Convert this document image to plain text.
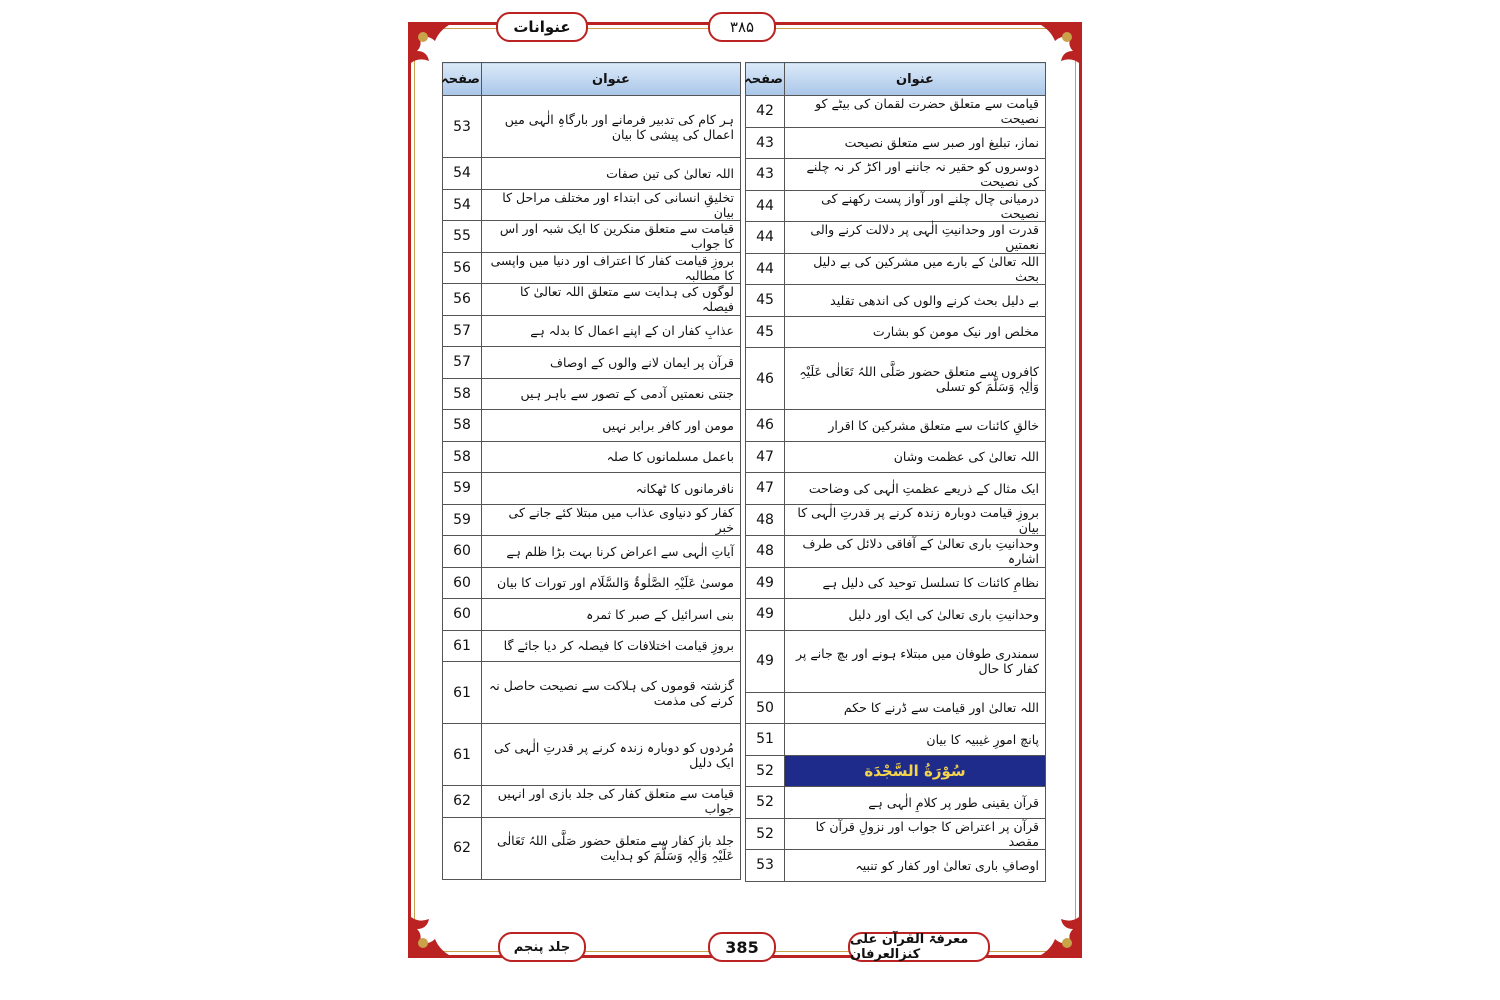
عنوانات	۳۸۵
عنوان	صفحہ
قیامت سے متعلق حضرت لقمان کی بیٹے کو نصیحت	42
نماز، تبلیغ اور صبر سے متعلق نصیحت	43
دوسروں کو حقیر نہ جاننے اور اکڑ کر نہ چلنے کی نصیحت	43
درمیانی چال چلنے اور آواز پست رکھنے کی نصیحت	44
قدرت اور وحدانیتِ الٰہی پر دلالت کرنے والی نعمتیں	44
اللہ تعالیٰ کے بارے میں مشرکین کی بے دلیل بحث	44
بے دلیل بحث کرنے والوں کی اندھی تقلید	45
مخلص اور نیک مومن کو بشارت	45
کافروں سے متعلق حضور صَلَّی اللہُ تَعَالٰی عَلَیْہِ وَاٰلِہٖ وَسَلَّمَ کو تسلی	46
خالقِ کائنات سے متعلق مشرکین کا اقرار	46
اللہ تعالیٰ کی عظمت وشان	47
ایک مثال کے ذریعے عظمتِ الٰہی کی وضاحت	47
بروزِ قیامت دوبارہ زندہ کرنے پر قدرتِ الٰہی کا بیان	48
وحدانیتِ باری تعالیٰ کے آفاقی دلائل کی طرف اشارہ	48
نظامِ کائنات کا تسلسل توحید کی دلیل ہے	49
وحدانیتِ باری تعالیٰ کی ایک اور دلیل	49
سمندری طوفان میں مبتلاء ہونے اور بچ جانے پر کفار کا حال	49
اللہ تعالیٰ اور قیامت سے ڈرنے کا حکم	50
پانچ امورِ غیبیہ کا بیان	51
سُوْرَةُ السَّجْدَة	52
قرآن یقینی طور پر کلامِ الٰہی ہے	52
قرآن پر اعتراض کا جواب اور نزولِ قرآن کا مقصد	52
اوصافِ باری تعالیٰ اور کفار کو تنبیہ	53
عنوان	صفحہ
ہر کام کی تدبیر فرمانے اور بارگاہِ الٰہی میں اعمال کی پیشی کا بیان	53
اللہ تعالیٰ کی تین صفات	54
تخلیقِ انسانی کی ابتداء اور مختلف مراحل کا بیان	54
قیامت سے متعلق منکرین کا ایک شبہ اور اس کا جواب	55
بروزِ قیامت کفار کا اعتراف اور دنیا میں واپسی کا مطالبہ	56
لوگوں کی ہدایت سے متعلق اللہ تعالیٰ کا فیصلہ	56
عذابِ کفار ان کے اپنے اعمال کا بدلہ ہے	57
قرآن پر ایمان لانے والوں کے اوصاف	57
جنتی نعمتیں آدمی کے تصور سے باہر ہیں	58
مومن اور کافر برابر نہیں	58
باعمل مسلمانوں کا صلہ	58
نافرمانوں کا ٹھکانہ	59
کفار کو دنیاوی عذاب میں مبتلا کئے جانے کی خبر	59
آیاتِ الٰہی سے اعراض کرنا بہت بڑا ظلم ہے	60
موسیٰ عَلَیْہِ الصَّلٰوۃُ وَالسَّلَام اور تورات کا بیان	60
بنی اسرائیل کے صبر کا ثمرہ	60
بروزِ قیامت اختلافات کا فیصلہ کر دیا جائے گا	61
گزشتہ قوموں کی ہلاکت سے نصیحت حاصل نہ کرنے کی مذمت	61
مُردوں کو دوبارہ زندہ کرنے پر قدرتِ الٰہی کی ایک دلیل	61
قیامت سے متعلق کفار کی جلد بازی اور انہیں جواب	62
جلد باز کفار سے متعلق حضور صَلَّی اللہُ تَعَالٰی عَلَیْہِ وَاٰلِہٖ وَسَلَّمَ کو ہدایت	62
جلد پنجم	385	معرفۃ القرآن علی کنزالعرفان
